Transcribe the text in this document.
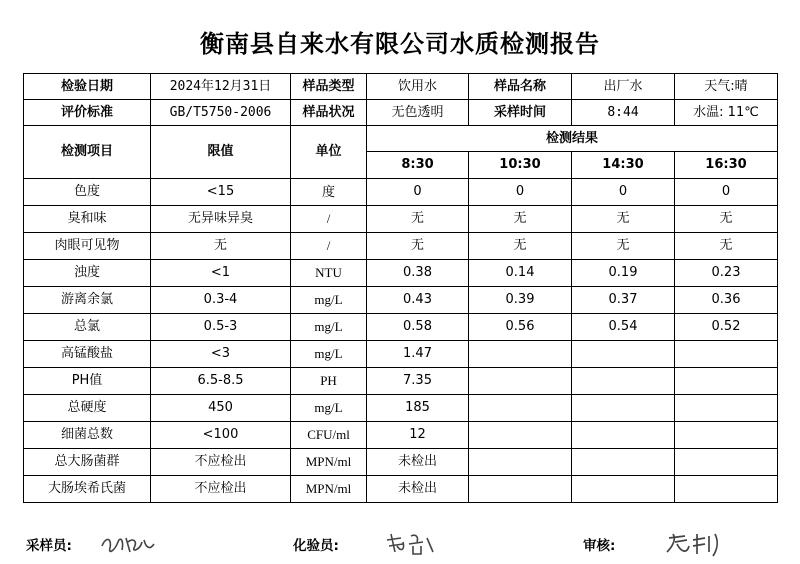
衡南县自来水有限公司水质检测报告
检验日期	2024年12月31日	样品类型	饮用水	样品名称	出厂水	天气:晴
评价标准	GB/T5750-2006	样品状况	无色透明	采样时间	8:44	水温: 11℃
检测项目	限值	单位	检测结果			
			8:30	10:30	14:30	16:30
色度	<15	度	0	0	0	0
臭和味	无异味异臭	/	无	无	无	无
肉眼可见物	无	/	无	无	无	无
浊度	<1	NTU	0.38	0.14	0.19	0.23
游离余氯	0.3-4	mg/L	0.43	0.39	0.37	0.36
总氯	0.5-3	mg/L	0.58	0.56	0.54	0.52
高锰酸盐	<3	mg/L	1.47			
PH值	6.5-8.5	PH	7.35			
总硬度	450	mg/L	185			
细菌总数	<100	CFU/ml	12			
总大肠菌群	不应检出	MPN/ml	未检出			
大肠埃希氏菌	不应检出	MPN/ml	未检出			
采样员:	化验员:	审核:
